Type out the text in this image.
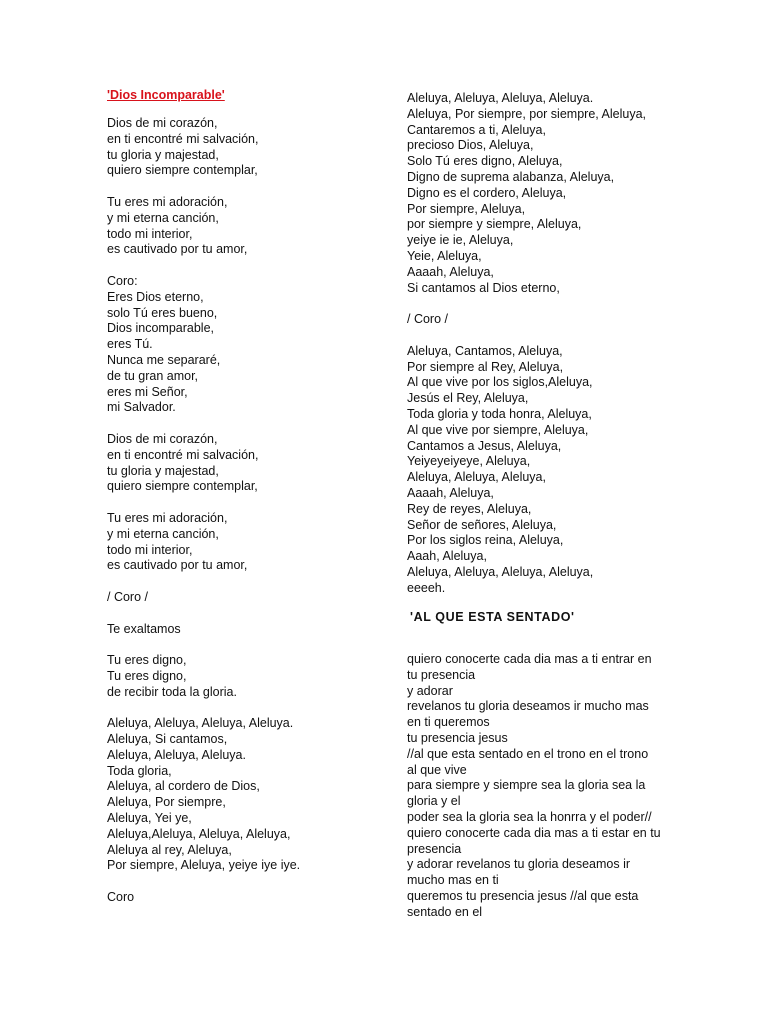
'Dios Incomparable'
Dios de mi corazón,
en ti encontré mi salvación,
tu gloria y majestad,
quiero siempre contemplar,
Tu eres mi adoración,
y mi eterna canción,
todo mi interior,
es cautivado por tu amor,
Coro:
Eres Dios eterno,
solo Tú eres bueno,
Dios incomparable,
eres Tú.
Nunca me separaré,
de tu gran amor,
eres mi Señor,
mi Salvador.
Dios de mi corazón,
en ti encontré mi salvación,
tu gloria y majestad,
quiero siempre contemplar,
Tu eres mi adoración,
y mi eterna canción,
todo mi interior,
es cautivado por tu amor,
/ Coro /
Te exaltamos
Tu eres digno,
Tu eres digno,
de recibir toda la gloria.
Aleluya, Aleluya, Aleluya, Aleluya.
Aleluya, Si cantamos,
Aleluya, Aleluya, Aleluya.
Toda gloria,
Aleluya, al cordero de Dios,
Aleluya, Por siempre,
Aleluya, Yei ye,
Aleluya,Aleluya, Aleluya, Aleluya,
Aleluya al rey, Aleluya,
Por siempre, Aleluya, yeiye iye iye.
Coro
Aleluya, Aleluya, Aleluya, Aleluya.
Aleluya, Por siempre, por siempre, Aleluya,
Cantaremos a ti, Aleluya,
precioso Dios, Aleluya,
Solo Tú eres digno, Aleluya,
Digno de suprema alabanza, Aleluya,
Digno es el cordero, Aleluya,
Por siempre, Aleluya,
por siempre y siempre, Aleluya,
yeiye ie ie, Aleluya,
Yeie, Aleluya,
Aaaah, Aleluya,
Si cantamos al Dios eterno,
/ Coro /
Aleluya, Cantamos, Aleluya,
Por siempre al Rey, Aleluya,
Al que vive por los siglos,Aleluya,
Jesús el Rey, Aleluya,
Toda gloria y toda honra, Aleluya,
Al que vive por siempre, Aleluya,
Cantamos a Jesus, Aleluya,
Yeiyeyeiyeye, Aleluya,
Aleluya, Aleluya, Aleluya,
Aaaah, Aleluya,
Rey de reyes, Aleluya,
Señor de señores, Aleluya,
Por los siglos reina, Aleluya,
Aaah, Aleluya,
Aleluya, Aleluya, Aleluya, Aleluya,
eeeeh.
'AL QUE ESTA SENTADO'
quiero conocerte cada dia mas a ti entrar en
tu presencia
y adorar
revelanos tu gloria deseamos ir mucho mas
en ti queremos
tu presencia jesus
//al que esta sentado en el trono en el trono
al que vive
para siempre y siempre sea la gloria sea la
gloria y el
poder sea la gloria sea la honrra y el poder//
quiero conocerte cada dia mas a ti estar en tu
presencia
y adorar revelanos tu gloria deseamos ir
mucho mas en ti
queremos tu presencia jesus //al que esta
sentado en el
